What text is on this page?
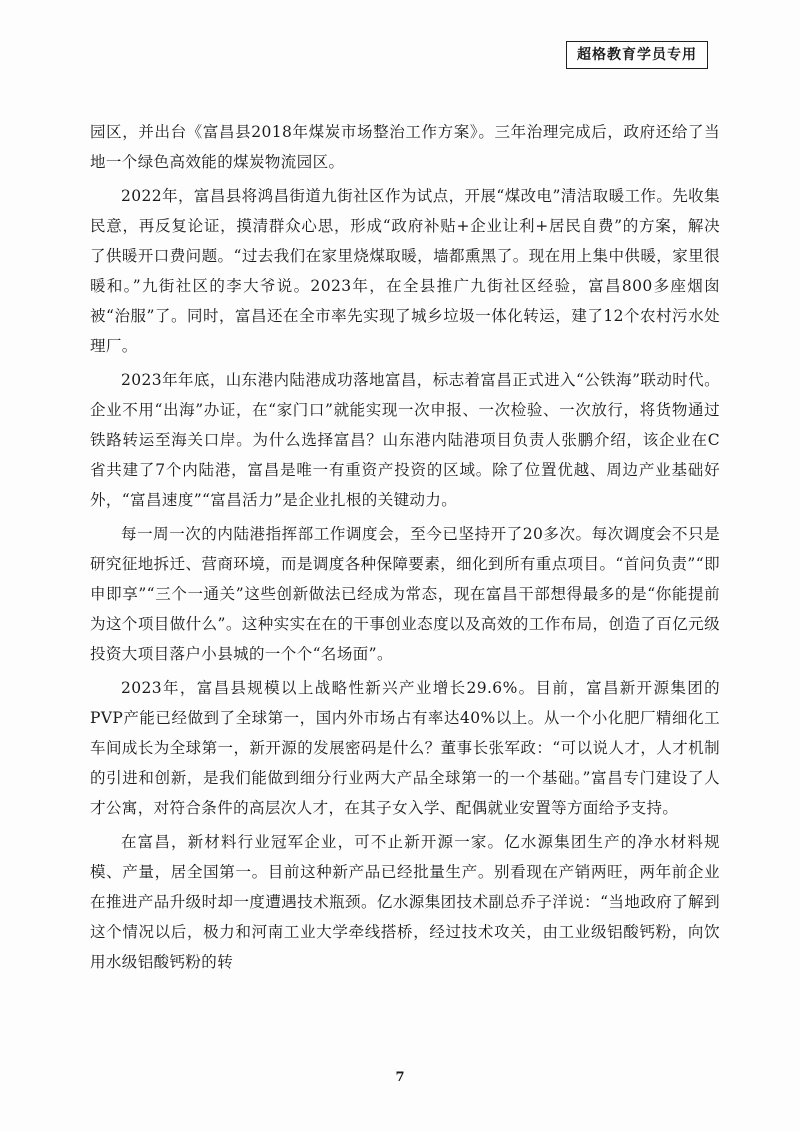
超格教育学员专用

园区，并出台《富昌县2018年煤炭市场整治工作方案》。三年治理完成后，政府还给了当地一个绿色高效能的煤炭物流园区。

2022年，富昌县将鸿昌街道九街社区作为试点，开展“煤改电”清洁取暖工作。先收集民意，再反复论证，摸清群众心思，形成“政府补贴+企业让利+居民自费”的方案，解决了供暖开口费问题。“过去我们在家里烧煤取暖，墙都熏黑了。现在用上集中供暖，家里很暖和。”九街社区的李大爷说。2023年，在全县推广九街社区经验，富昌800多座烟囱被“治服”了。同时，富昌还在全市率先实现了城乡垃圾一体化转运，建了12个农村污水处理厂。

2023年年底，山东港内陆港成功落地富昌，标志着富昌正式进入“公铁海”联动时代。企业不用“出海”办证，在“家门口”就能实现一次申报、一次检验、一次放行，将货物通过铁路转运至海关口岸。为什么选择富昌？山东港内陆港项目负责人张鹏介绍，该企业在C省共建了7个内陆港，富昌是唯一有重资产投资的区域。除了位置优越、周边产业基础好外，“富昌速度”“富昌活力”是企业扎根的关键动力。

每一周一次的内陆港指挥部工作调度会，至今已坚持开了20多次。每次调度会不只是研究征地拆迁、营商环境，而是调度各种保障要素，细化到所有重点项目。“首问负责”“即申即享”“三个一通关”这些创新做法已经成为常态，现在富昌干部想得最多的是“你能提前为这个项目做什么”。这种实实在在的干事创业态度以及高效的工作布局，创造了百亿元级投资大项目落户小县城的一个个“名场面”。

2023年，富昌县规模以上战略性新兴产业增长29.6%。目前，富昌新开源集团的PVP产能已经做到了全球第一，国内外市场占有率达40%以上。从一个小化肥厂精细化工车间成长为全球第一，新开源的发展密码是什么？董事长张军政：“可以说人才，人才机制的引进和创新，是我们能做到细分行业两大产品全球第一的一个基础。”富昌专门建设了人才公寓，对符合条件的高层次人才，在其子女入学、配偶就业安置等方面给予支持。

在富昌，新材料行业冠军企业，可不止新开源一家。亿水源集团生产的净水材料规模、产量，居全国第一。目前这种新产品已经批量生产。别看现在产销两旺，两年前企业在推进产品升级时却一度遭遇技术瓶颈。亿水源集团技术副总乔子洋说：“当地政府了解到这个情况以后，极力和河南工业大学牵线搭桥，经过技术攻关，由工业级铝酸钙粉，向饮用水级铝酸钙粉的转

7
